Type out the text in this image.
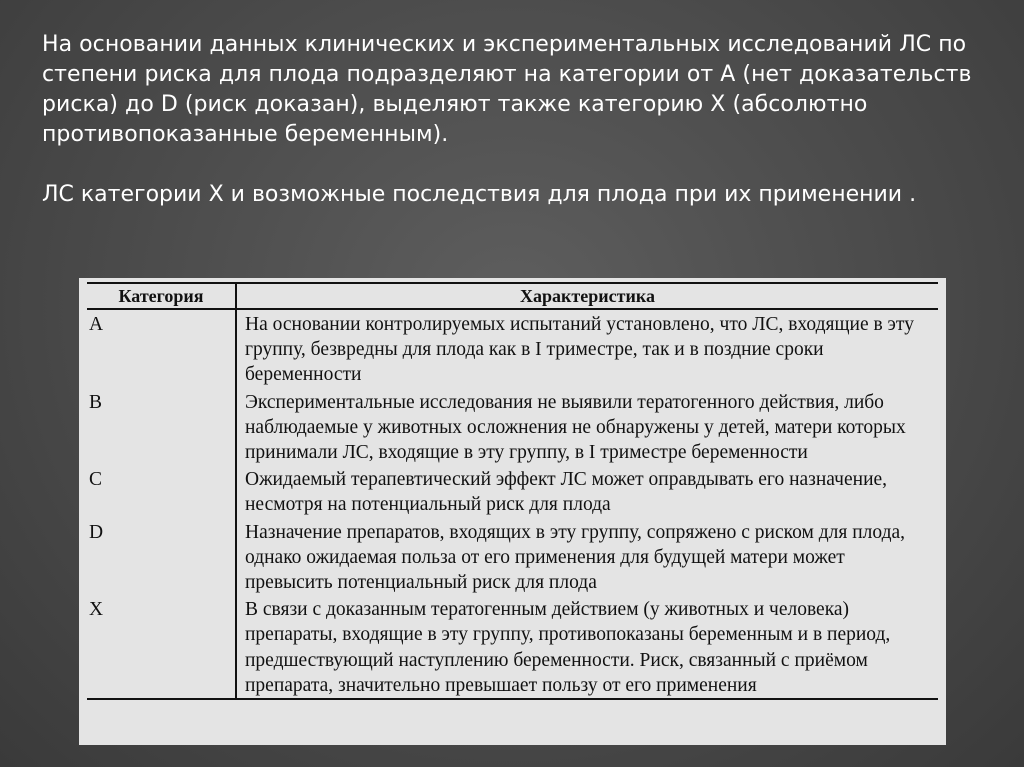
На основании данных клинических и экспериментальных исследований ЛС по степени риска для плода подразделяют на категории от A (нет доказательств риска) до D (риск доказан), выделяют также категорию X (абсолютно противопоказанные беременным).

ЛС категории X и возможные последствия для плода при их применении .

Категория	Характеристика
A	На основании контролируемых испытаний установлено, что ЛС, входящие в эту группу, безвредны для плода как в I триместре, так и в поздние сроки беременности
B	Экспериментальные исследования не выявили тератогенного действия, либо наблюдаемые у животных осложнения не обнаружены у детей, матери которых принимали ЛС, входящие в эту группу, в I триместре беременности
C	Ожидаемый терапевтический эффект ЛС может оправдывать его назначение, несмотря на потенциальный риск для плода
D	Назначение препаратов, входящих в эту группу, сопряжено с риском для плода, однако ожидаемая польза от его применения для будущей матери может превысить потенциальный риск для плода
X	В связи с доказанным тератогенным действием (у животных и человека) препараты, входящие в эту группу, противопоказаны беременным и в период, предшествующий наступлению беременности. Риск, связанный с приёмом препарата, значительно превышает пользу от его применения
